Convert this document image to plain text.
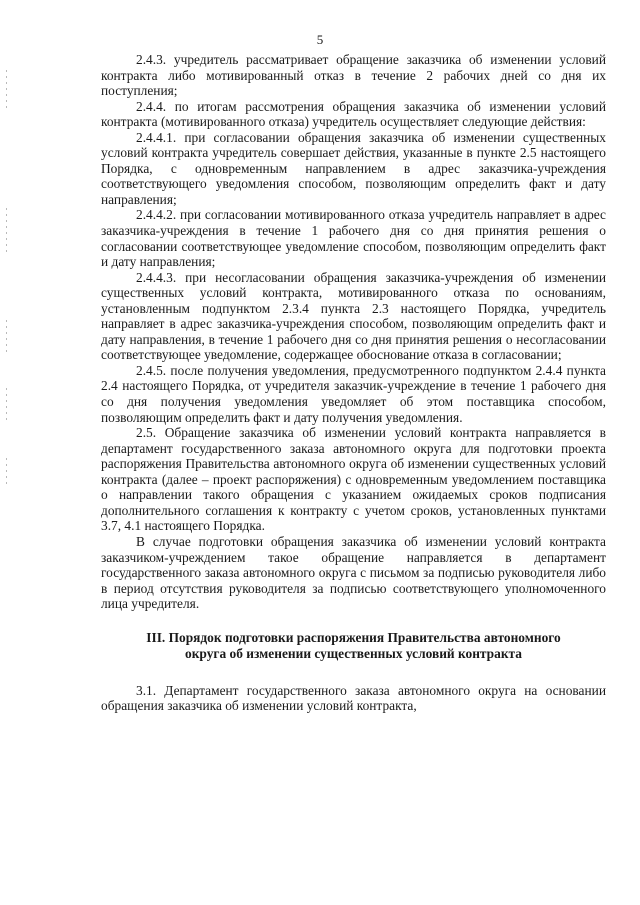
5

2.4.3. учредитель рассматривает обращение заказчика об изменении условий контракта либо мотивированный отказ в течение 2 рабочих дней со дня их поступления;

2.4.4. по итогам рассмотрения обращения заказчика об изменении условий контракта (мотивированного отказа) учредитель осуществляет следующие действия:

2.4.4.1. при согласовании обращения заказчика об изменении существенных условий контракта учредитель совершает действия, указанные в пункте 2.5 настоящего Порядка, с одновременным направлением в адрес заказчика-учреждения соответствующего уведомления способом, позволяющим определить факт и дату направления;

2.4.4.2. при согласовании мотивированного отказа учредитель направляет в адрес заказчика-учреждения в течение 1 рабочего дня со дня принятия решения о согласовании соответствующее уведомление способом, позволяющим определить факт и дату направления;

2.4.4.3. при несогласовании обращения заказчика-учреждения об изменении существенных условий контракта, мотивированного отказа по основаниям, установленным подпунктом 2.3.4 пункта 2.3 настоящего Порядка, учредитель направляет в адрес заказчика-учреждения способом, позволяющим определить факт и дату направления, в течение 1 рабочего дня со дня принятия решения о несогласовании соответствующее уведомление, содержащее обоснование отказа в согласовании;

2.4.5. после получения уведомления, предусмотренного подпунктом 2.4.4 пункта 2.4 настоящего Порядка, от учредителя заказчик-учреждение в течение 1 рабочего дня со дня получения уведомления уведомляет об этом поставщика способом, позволяющим определить факт и дату получения уведомления.

2.5. Обращение заказчика об изменении условий контракта направляется в департамент государственного заказа автономного округа для подготовки проекта распоряжения Правительства автономного округа об изменении существенных условий контракта (далее – проект распоряжения) с одновременным уведомлением поставщика о направлении такого обращения с указанием ожидаемых сроков подписания дополнительного соглашения к контракту с учетом сроков, установленных пунктами 3.7, 4.1 настоящего Порядка.

В случае подготовки обращения заказчика об изменении условий контракта заказчиком-учреждением такое обращение направляется в департамент государственного заказа автономного округа с письмом за подписью руководителя либо в период отсутствия руководителя за подписью соответствующего уполномоченного лица учредителя.

III. Порядок подготовки распоряжения Правительства автономного
округа об изменении существенных условий контракта

3.1. Департамент государственного заказа автономного округа на основании обращения заказчика об изменении условий контракта,
